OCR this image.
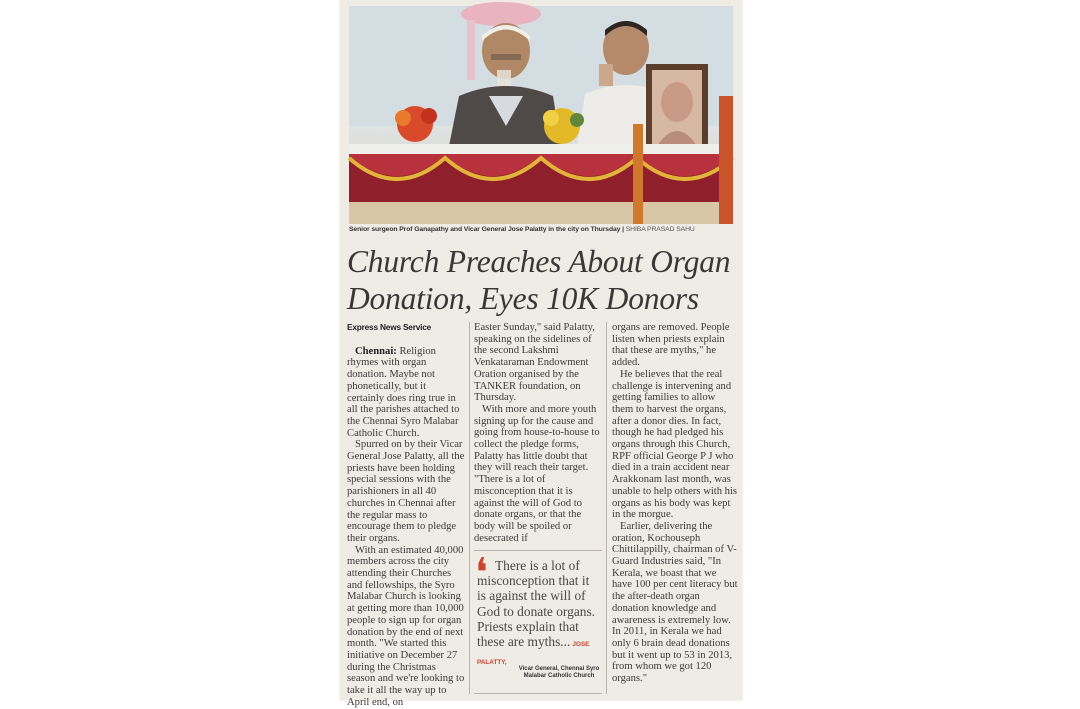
Senior surgeon Prof Ganapathy and Vicar General Jose Palatty in the city on Thursday | SHIBA PRASAD SAHU
Church Preaches About Organ
Donation, Eyes 10K Donors
Express News Service

Chennai: Religion rhymes with organ donation. Maybe not phonetically, but it certainly does ring true in all the parishes attached to the Chennai Syro Malabar Catholic Church.

Spurred on by their Vicar General Jose Palatty, all the priests have been holding special sessions with the parishioners in all 40 churches in Chennai after the regular mass to encourage them to pledge their organs.

With an estimated 40,000 members across the city attending their Churches and fellowships, the Syro Malabar Church is looking at getting more than 10,000 people to sign up for organ donation by the end of next month. "We started this initiative on December 27 during the Christmas season and we're looking to take it all the way up to April end, on

Easter Sunday," said Palatty, speaking on the sidelines of the second Lakshmi Venkataraman Endowment Oration organised by the TANKER foundation, on Thursday.

With more and more youth signing up for the cause and going from house-to-house to collect the pledge forms, Palatty has little doubt that they will reach their target. "There is a lot of misconception that it is against the will of God to donate organs, or that the body will be spoiled or desecrated if

❛ There is a lot of misconception that it is against the will of God to donate organs. Priests explain that these are myths... JOSE PALATTY,
Vicar General, Chennai Syro Malabar Catholic Church

organs are removed. People listen when priests explain that these are myths," he added.

He believes that the real challenge is intervening and getting families to allow them to harvest the organs, after a donor dies. In fact, though he had pledged his organs through this Church, RPF official George P J who died in a train accident near Arakkonam last month, was unable to help others with his organs as his body was kept in the morgue.

Earlier, delivering the oration, Kochouseph Chittilappilly, chairman of V-Guard Industries said, "In Kerala, we boast that we have 100 per cent literacy but the after-death organ donation knowledge and awareness is extremely low. In 2011, in Kerala we had only 6 brain dead donations but it went up to 53 in 2013, from whom we got 120 organs."
